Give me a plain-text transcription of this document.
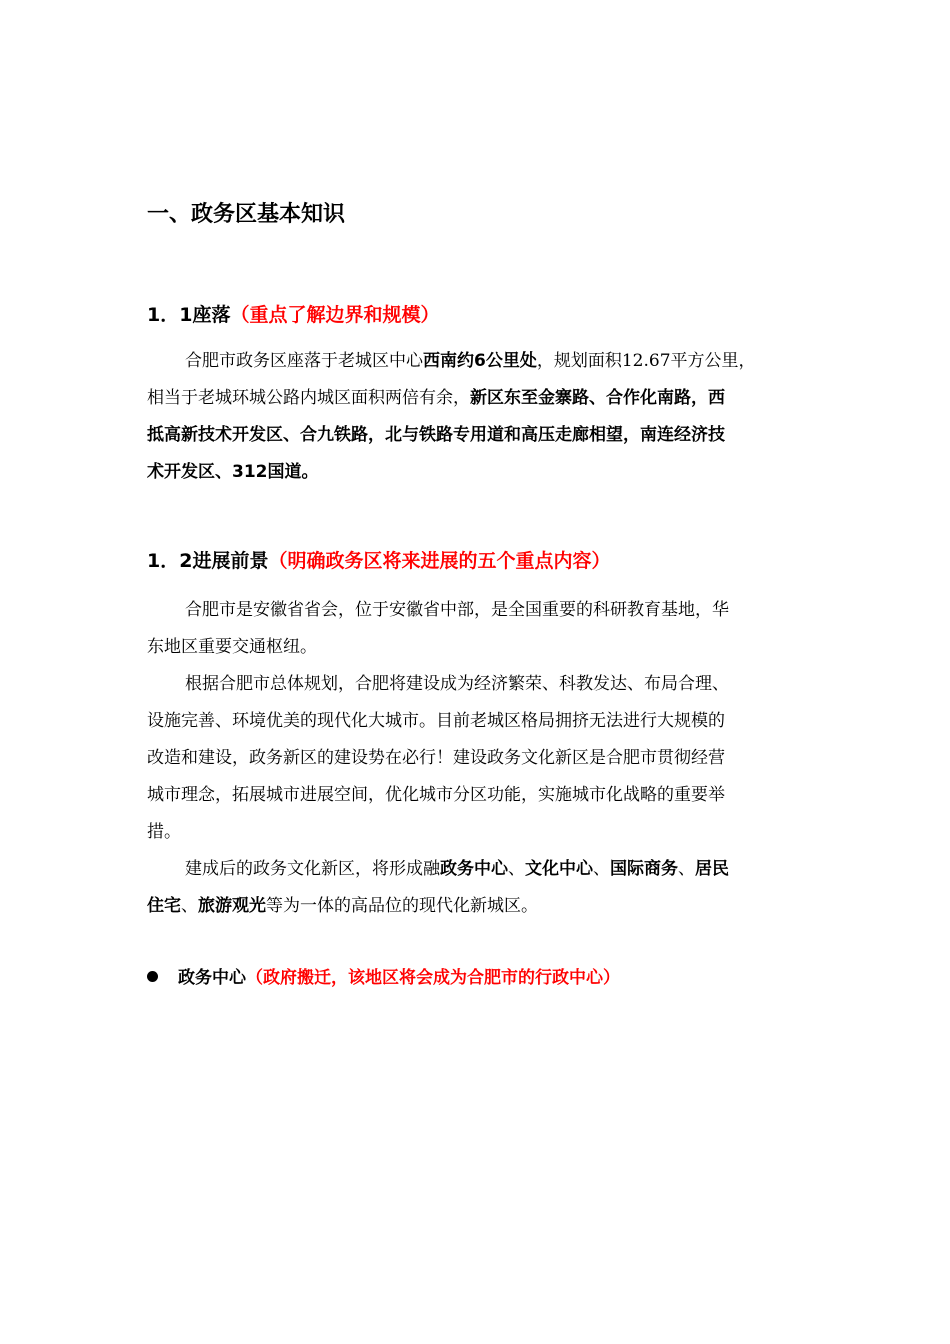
一、政务区基本知识
1．1座落（重点了解边界和规模）
合肥市政务区座落于老城区中心西南约6公里处，规划面积12.67平方公里，
相当于老城环城公路内城区面积两倍有余，新区东至金寨路、合作化南路，西
抵高新技术开发区、合九铁路，北与铁路专用道和高压走廊相望，南连经济技
术开发区、312国道。
1．2进展前景（明确政务区将来进展的五个重点内容）
合肥市是安徽省省会，位于安徽省中部，是全国重要的科研教育基地，华
东地区重要交通枢纽。
根据合肥市总体规划，合肥将建设成为经济繁荣、科教发达、布局合理、
设施完善、环境优美的现代化大城市。目前老城区格局拥挤无法进行大规模的
改造和建设，政务新区的建设势在必行！建设政务文化新区是合肥市贯彻经营
城市理念，拓展城市进展空间，优化城市分区功能，实施城市化战略的重要举
措。
建成后的政务文化新区，将形成融政务中心、文化中心、国际商务、居民
住宅、旅游观光等为一体的高品位的现代化新城区。
政务中心（政府搬迁，该地区将会成为合肥市的行政中心）
